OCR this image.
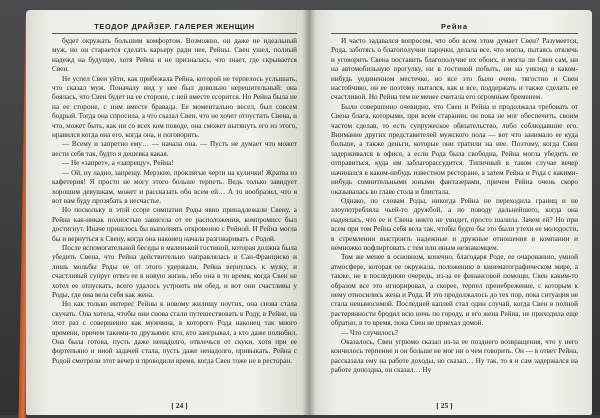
ТЕОДОР ДРАЙЗЕР. ГАЛЕРЕЯ ЖЕНЩИН

будет окружать большим комфортом. Возможно, он даже не идеальный муж, но он старается сделать карьеру ради нее, Рейны. Свен ушел, полный надежд на будущее, хотя Рейна и не призналась, что знает, где скрывается Свен.

Не успел Свен уйти, как прибежала Рейна, которой не терпелось услышать, что сказал муж. Поначалу вид у нее был довольно нерешительный: она боялась, что Свен будет на ее стороне, с ней вместе ссорится. Но Рейна была не на ее стороне, с ним вместе бравада. Ее моментально весел, был совсем бодрый. Тогда она спросила, а что сказал Свен, что не хочет отпустить Свена, и что, может быть, как ни со всех ком поводе, она сможет вытянуть его из этого, нравился когда она его, когда она, и поговорить.

— Всему и запретно ему… — начала она. — Пусть не думает что может вести себя так, будто я дешевка какая.

— Не «запрет», а «запрещу», Рейна!

— Ой, ну ладно, запрещу. Мерзкие, проклятые черти на кулички! Жратва из кафетерия! Я просто не могу этого больше терпеть. Ведь только завидует хорошим девушкам, может и рассказать обо всем ей… А то вообразил, что я вот вам буду прозябать в несчастье.

Но поскольку в этой ссоре симпатии Роды явно принадлежали Свену, а Рейна как-никак полностью зависела от ее расположения, компромисс был достигнут. Иначе пришлось бы выполнять откровенно с Рейной. И Рейна могла бы и вернуться к Свену, когда она наконец начала разговаривать с Родой.

После вспомогательной беседы в маленькой гостиной, которая должна была убедить Свена, что Рейна действительно направлялась в Сан-Франциско и лишь мольбы Роды ее от этого удержали, Рейна вернулась к мужу, и счастливый супруг отвез ее в новую жизнь, ибо она в то время, когда Свен не хотел ее отпускать, всего удалось устроить им обед, и вот они счастливы у Роды, где она вела себя как жена.

Но как только интерес Рейны к новому жилищу поутих, она снова стала скучать. Она хотела, чтобы они снова стали путешествовать в Роду, в Рейне, на этот раз с совершенно как мужчина, в которого Рода наконец так много времени, причем такими-то друзьями: кто, кто заигрывал, а кто даже полюбил. Она была готова, пусть даже ненадолго, отвлечься от скуки, хотя при ее фортепьяно и иной задачей стала, пусть даже ненадолго, привыкать. Рейна с Родой смотрели этот вечер и проводили время, когда Свен тоже не в ресторан.

[ 24 ]
Рейна

И часто задавался вопросом, что обо всем этом думает Свен? Разумеется, Рода, заботясь о благополучии парочки, делала все, что могла, пытаясь отвлечь и уговорить Свена поставить благополучие их обоих, и могла ли Свен сам, ни на автомобильную прогулку, ни в гостиной побыть, ни на уикэнд в каком-нибудь уединенном местечке, но все это было очень тягостно и Свен настойчиво, он ее поэтому пытался, как и все, поддержать и также сделать ее счастливой. Но Рейна тем не менее считала его огромным бременем.

Было совершенно очевидно, что Свен и Рейна и продолжала требовать от Свена блага, которыми, при всем старании, он пока не мог обеспечить, своим частом сделав, то есть супружеское обязательство, либо соблюдавшие его. Внимание других представителей мужского пола — вот что занимало ее куда больше, а также деньги, которые они тратили на нее. Поэтому, когда Свен задерживался в офисе, а если Рода была свободна, Рейна могла убедить ее отправиться, куда им заблагорассудится. Типичный в таком случае вечер начинался в каком-нибудь известном ресторане, а затем Рейна и Рода с какими-нибудь сомнительными юными фантазерами, причем Рейна очень скоро оказывалась во главе стола и блистала.

Однако, по словам Роды, никогда Рейна не переходила границ и не злоупотребляла чьей-то дружбой, а по поводу дальнейшего, когда она надеялась, что ее и Свена никто не увидит, просто шалила. Зачем ей? Но при всем при том Рейна себя вела так, чтобы будто бы это были утехи ее молодости, в стремлении выстроить надежные и дружные отношения в компании и немножко пофлиртовать с тем или иным незнакомцем.

Том же менее в основном, конечно, благодаря Роде, ее очарованию, умной атмосфере, которая ее окружала, положению в кинематографическом мире, а также, не в последнюю очередь, из-за ее финансовой помощи, Свен каким-то образом все это игнорировал, а скорее, терпел пренебрежение, с которым к нему относились жена и Рода. И это продолжалось до тех пор, пока ситуация не стала невыносимой. Последней каплей стал один случай, когда Свен в полной растерянности бродил всю ночь по городу, и его жена Рейна, не приходила еще обратно, в то время, пока Свен не приехал домой.

— Что случилось?

Оказалось, Свен угрюмо сказал из-за ее позднего возвращения, что у него кончилось терпение и он больше не мог ни о чем говорить. Он — в ответ Рейна, рассказала ему на работе доходы, но сказал… Ну так, то я и сам задержался на работе допоздна, он сказал… Ну

[ 25 ]
